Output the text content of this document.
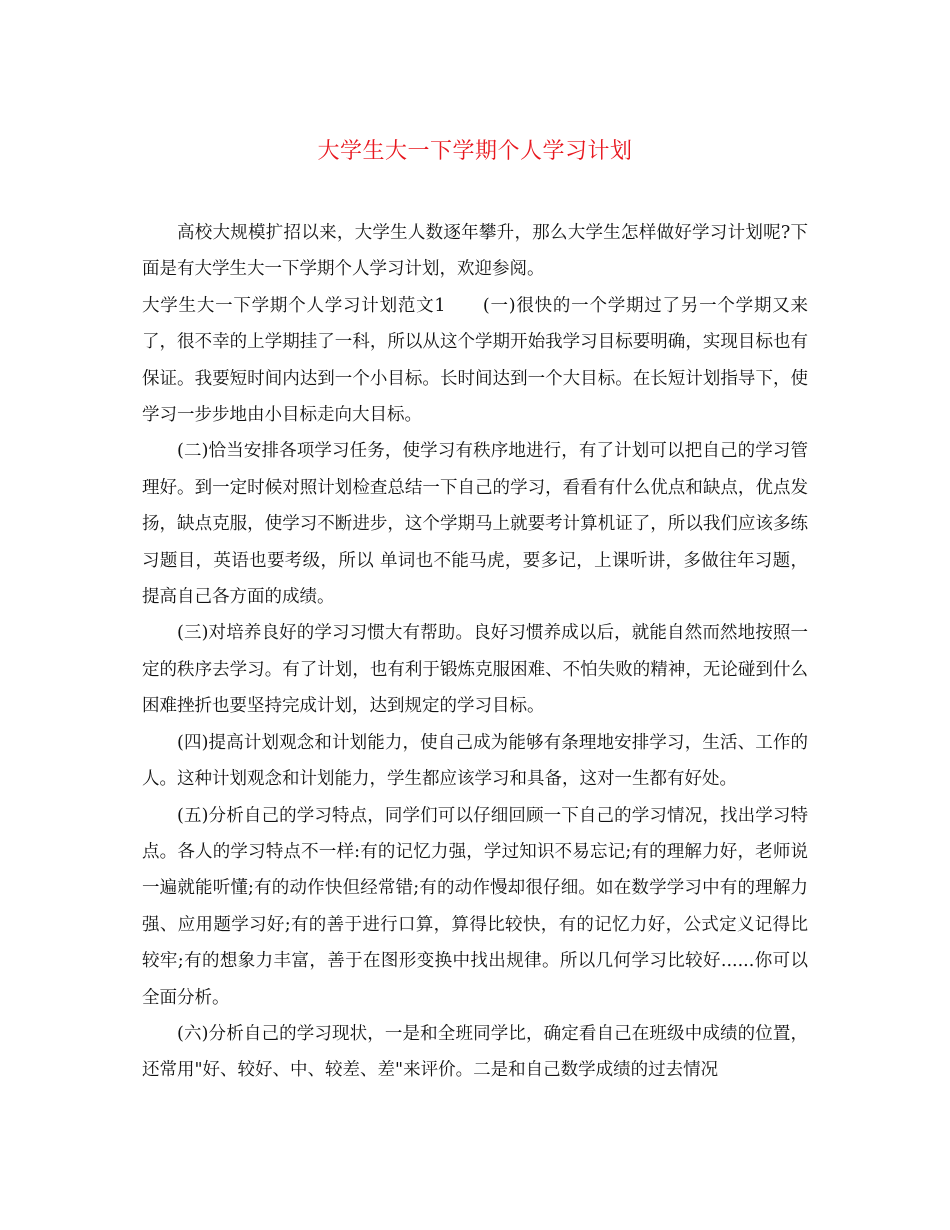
大学生大一下学期个人学习计划

高校大规模扩招以来，大学生人数逐年攀升，那么大学生怎样做好学习计划呢?下面是有大学生大一下学期个人学习计划，欢迎参阅。

大学生大一下学期个人学习计划范文1　　(一)很快的一个学期过了另一个学期又来了，很不幸的上学期挂了一科，所以从这个学期开始我学习目标要明确，实现目标也有保证。我要短时间内达到一个小目标。长时间达到一个大目标。在长短计划指导下，使学习一步步地由小目标走向大目标。

(二)恰当安排各项学习任务，使学习有秩序地进行，有了计划可以把自己的学习管理好。到一定时候对照计划检查总结一下自己的学习，看看有什么优点和缺点，优点发扬，缺点克服，使学习不断进步，这个学期马上就要考计算机证了，所以我们应该多练习题目，英语也要考级，所以 单词也不能马虎，要多记，上课听讲，多做往年习题，提高自己各方面的成绩。

(三)对培养良好的学习习惯大有帮助。良好习惯养成以后，就能自然而然地按照一定的秩序去学习。有了计划，也有利于锻炼克服困难、不怕失败的精神，无论碰到什么困难挫折也要坚持完成计划，达到规定的学习目标。

(四)提高计划观念和计划能力，使自己成为能够有条理地安排学习，生活、工作的人。这种计划观念和计划能力，学生都应该学习和具备，这对一生都有好处。

(五)分析自己的学习特点，同学们可以仔细回顾一下自己的学习情况，找出学习特点。各人的学习特点不一样:有的记忆力强，学过知识不易忘记;有的理解力好，老师说一遍就能听懂;有的动作快但经常错;有的动作慢却很仔细。如在数学学习中有的理解力强、应用题学习好;有的善于进行口算，算得比较快，有的记忆力好，公式定义记得比较牢;有的想象力丰富，善于在图形变换中找出规律。所以几何学习比较好......你可以全面分析。

(六)分析自己的学习现状，一是和全班同学比，确定看自己在班级中成绩的位置，还常用"好、较好、中、较差、差"来评价。二是和自己数学成绩的过去情况
